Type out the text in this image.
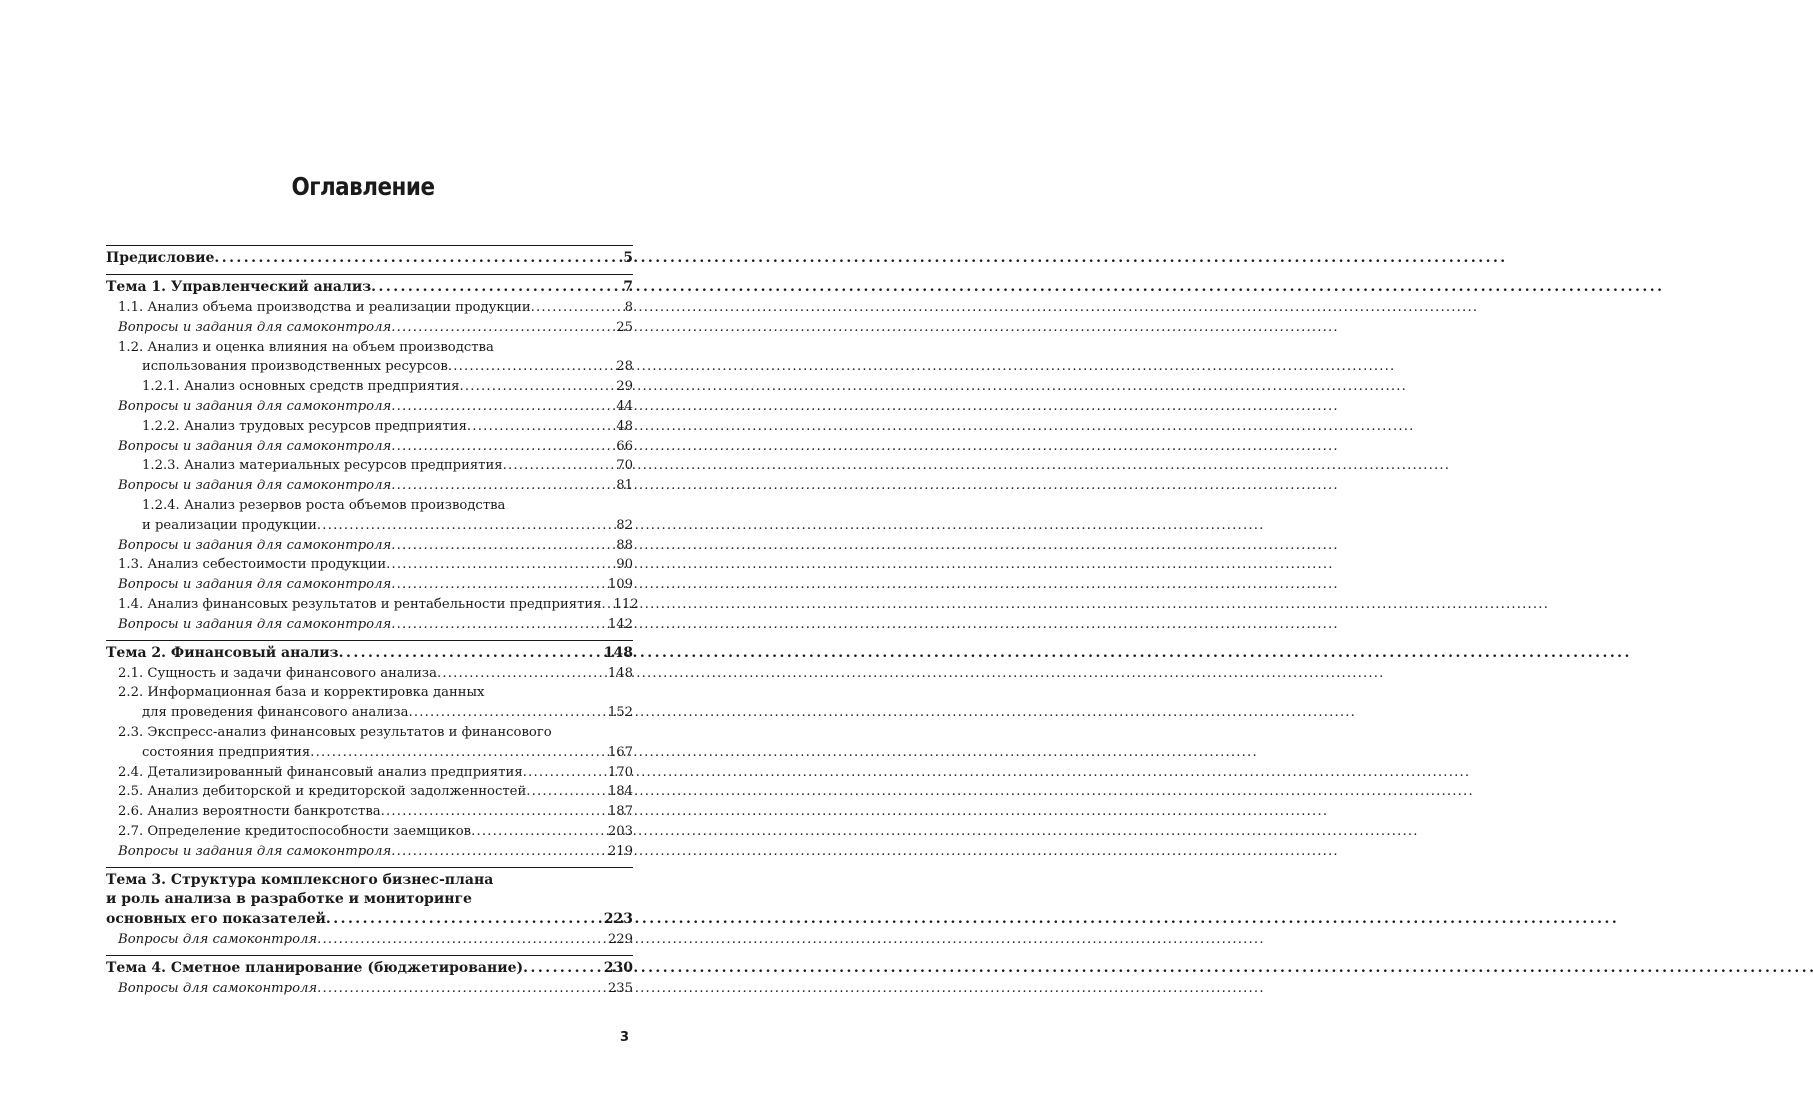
Оглавление
Предисловие . . .	5
Тема 1. Управленческий анализ . . .	7
1.1. Анализ объема производства и реализации продукции . . .	8
Вопросы и задания для самоконтроля . . .	25
1.2. Анализ и оценка влияния на объем производства
использования производственных ресурсов . . .	28
1.2.1. Анализ основных средств предприятия . . .	29
Вопросы и задания для самоконтроля . . .	44
1.2.2. Анализ трудовых ресурсов предприятия . . .	48
Вопросы и задания для самоконтроля . . .	66
1.2.3. Анализ материальных ресурсов предприятия . . .	70
Вопросы и задания для самоконтроля . . .	81
1.2.4. Анализ резервов роста объемов производства
и реализации продукции . . .	82
Вопросы и задания для самоконтроля . . .	88
1.3. Анализ себестоимости продукции . . .	90
Вопросы и задания для самоконтроля . . .	109
1.4. Анализ финансовых результатов и рентабельности предприятия . . . 112
Вопросы и задания для самоконтроля . . .	142
Тема 2. Финансовый анализ . . .	148
2.1. Сущность и задачи финансового анализа . . .	148
2.2. Информационная база и корректировка данных
для проведения финансового анализа . . .	152
2.3. Экспресс-анализ финансовых результатов и финансового
состояния предприятия . . .	167
2.4. Детализированный финансовый анализ предприятия . . .	170
2.5. Анализ дебиторской и кредиторской задолженностей . . .	184
2.6. Анализ вероятности банкротства . . .	187
2.7. Определение кредитоспособности заемщиков . . .	203
Вопросы и задания для самоконтроля . . .	219
Тема 3. Структура комплексного бизнес-плана
и роль анализа в разработке и мониторинге
основных его показателей . . .	223
Вопросы для самоконтроля . . .	229
Тема 4. Сметное планирование (бюджетирование) . . .	230
Вопросы для самоконтроля . . .	235
3
